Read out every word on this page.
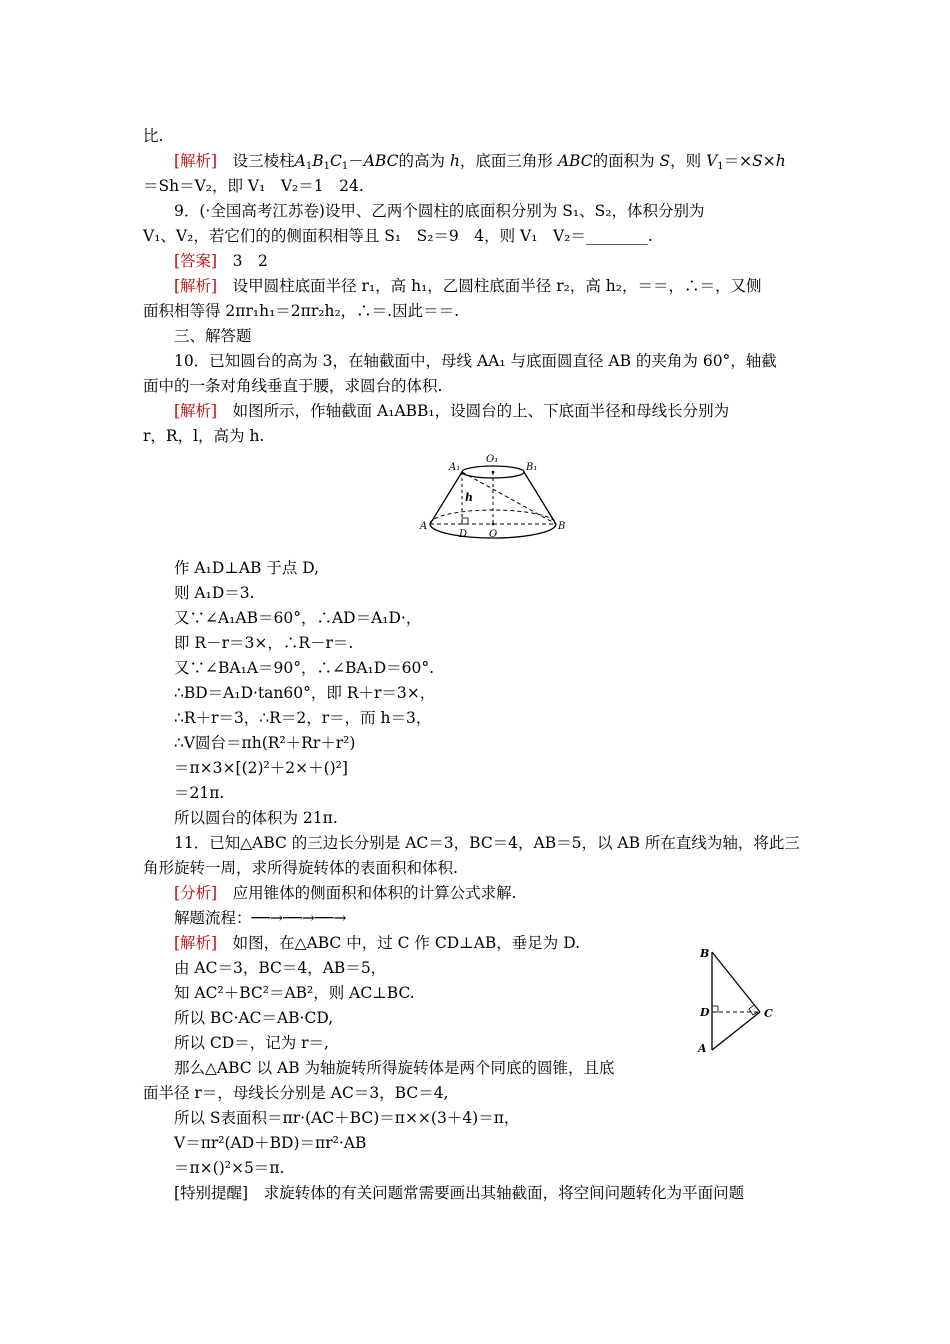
比.
[解析]　设三棱柱$A_1B_1C_1-ABC$的高为 h，底面三角形 ABC的面积为 S，则 $V_1=\times S\times h$
＝Sh＝V₂，即 V₁　V₂＝1　24.
9．(·全国高考江苏卷)设甲、乙两个圆柱的底面积分别为 S₁、S₂，体积分别为
V₁、V₂，若它们的的侧面积相等且 S₁　S₂＝9　4，则 V₁　V₂＝________.
[答案]　3　2
[解析]　设甲圆柱底面半径 r₁，高 h₁，乙圆柱底面半径 r₂，高 h₂，＝＝，∴＝，又侧
面积相等得 2πr₁h₁＝2πr₂h₂，∴＝.因此＝＝.
三、解答题
10．已知圆台的高为 3，在轴截面中，母线 AA₁ 与底面圆直径 AB 的夹角为 60°，轴截
面中的一条对角线垂直于腰，求圆台的体积.
[解析]　如图所示，作轴截面 A₁ABB₁，设圆台的上、下底面半径和母线长分别为
r，R，l，高为 h.
A₁
O₁
B₁
h
A
D O
B
作 A₁D⊥AB 于点 D,
则 A₁D＝3.
又∵∠A₁AB＝60°，∴AD＝A₁D·，
即 R－r＝3×，∴R－r＝.
又∵∠BA₁A＝90°，∴∠BA₁D＝60°.
∴BD＝A₁D·tan60°，即 R＋r＝3×，
∴R＋r＝3，∴R＝2，r＝，而 h＝3，
∴V圆台＝πh(R²＋Rr＋r²)
＝π×3×[(2)²＋2×＋()²]
＝21π.
所以圆台的体积为 21π.
11．已知△ABC 的三边长分别是 AC＝3，BC＝4，AB＝5，以 AB 所在直线为轴，将此三
角形旋转一周，求所得旋转体的表面积和体积.
[分析]　应用锥体的侧面积和体积的计算公式求解.
解题流程：──→──→──→
[解析]　如图，在△ABC 中，过 C 作 CD⊥AB，垂足为 D.
由 AC＝3，BC＝4，AB＝5，
知 AC²＋BC²＝AB²，则 AC⊥BC.
所以 BC·AC＝AB·CD,
所以 CD＝，记为 r＝,
那么△ABC 以 AB 为轴旋转所得旋转体是两个同底的圆锥，且底
面半径 r＝，母线长分别是 AC＝3，BC＝4,
所以 S表面积＝πr·(AC＋BC)＝π××(3＋4)＝π，
V＝πr²(AD＋BD)＝πr²·AB
＝π×()²×5＝π.
[特别提醒]　求旋转体的有关问题常需要画出其轴截面，将空间问题转化为平面问题
B
D	C
A
